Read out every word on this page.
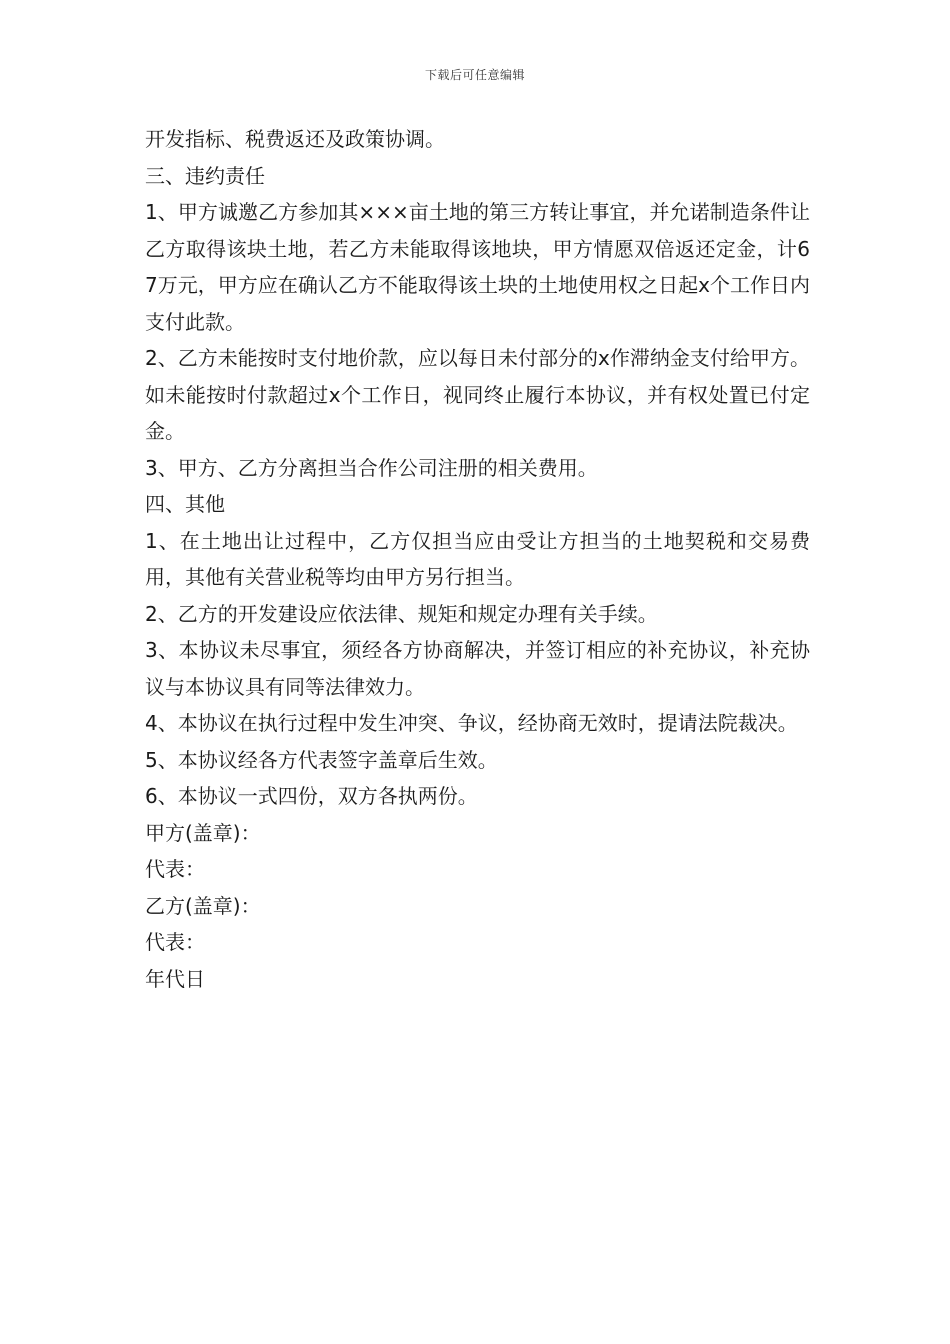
下载后可任意编辑

开发指标、税费返还及政策协调。

三、违约责任

1、甲方诚邀乙方参加其×××亩土地的第三方转让事宜，并允诺制造条件让乙方取得该块土地，若乙方未能取得该地块，甲方情愿双倍返还定金，计67万元，甲方应在确认乙方不能取得该土块的土地使用权之日起x个工作日内支付此款。

2、乙方未能按时支付地价款，应以每日未付部分的x作滞纳金支付给甲方。如未能按时付款超过x个工作日，视同终止履行本协议，并有权处置已付定金。

3、甲方、乙方分离担当合作公司注册的相关费用。

四、其他

1、在土地出让过程中，乙方仅担当应由受让方担当的土地契税和交易费用，其他有关营业税等均由甲方另行担当。

2、乙方的开发建设应依法律、规矩和规定办理有关手续。

3、本协议未尽事宜，须经各方协商解决，并签订相应的补充协议，补充协议与本协议具有同等法律效力。

4、本协议在执行过程中发生冲突、争议，经协商无效时，提请法院裁决。

5、本协议经各方代表签字盖章后生效。

6、本协议一式四份，双方各执两份。

甲方(盖章)：

代表：

乙方(盖章)：

代表：

年代日
